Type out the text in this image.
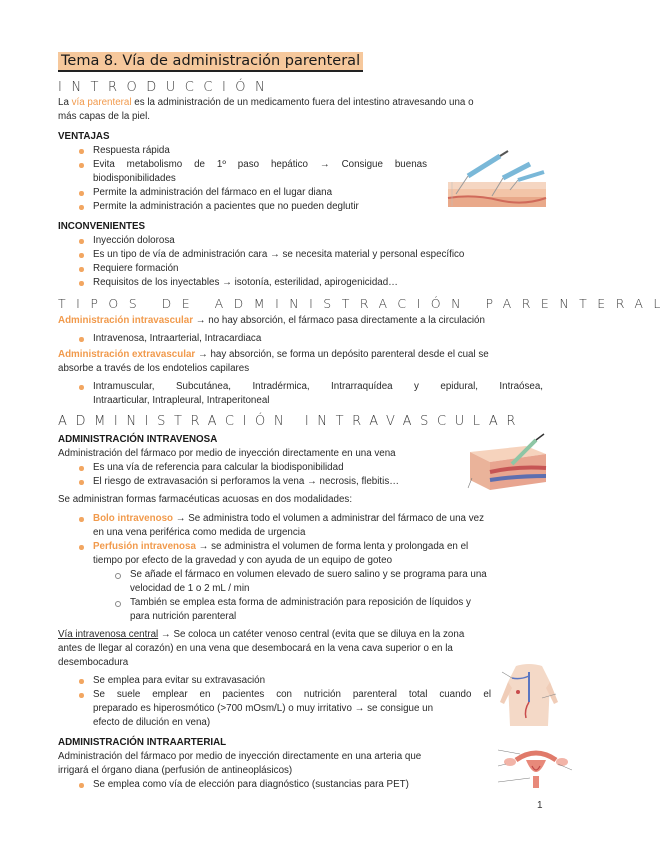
Tema 8. Vía de administración parenteral
INTRODUCCIÓN
La vía parenteral es la administración de un medicamento fuera del intestino atravesando una o
más capas de la piel.
VENTAJAS
Respuesta rápida
Evita metabolismo de 1º paso hepático → Consigue buenas
biodisponibilidades
Permite la administración del fármaco en el lugar diana
Permite la administración a pacientes que no pueden deglutir
INCONVENIENTES
Inyección dolorosa
Es un tipo de vía de administración cara → se necesita material y personal específico
Requiere formación
Requisitos de los inyectables → isotonía, esterilidad, apirogenicidad…
TIPOS DE ADMINISTRACIÓN PARENTERAL
Administración intravascular → no hay absorción, el fármaco pasa directamente a la circulación
Intravenosa, Intraarterial, Intracardiaca
Administración extravascular → hay absorción, se forma un depósito parenteral desde el cual se
absorbe a través de los endotelios capilares
Intramuscular, Subcutánea, Intradérmica, Intrarraquídea y epidural, Intraósea,
Intraarticular, Intrapleural, Intraperitoneal
ADMINISTRACIÓN INTRAVASCULAR
ADMINISTRACIÓN INTRAVENOSA
Administración del fármaco por medio de inyección directamente en una vena
Es una vía de referencia para calcular la biodisponibilidad
El riesgo de extravasación si perforamos la vena → necrosis, flebitis…
Se administran formas farmacéuticas acuosas en dos modalidades:
Bolo intravenoso → Se administra todo el volumen a administrar del fármaco de una vez
en una vena periférica como medida de urgencia
Perfusión intravenosa → se administra el volumen de forma lenta y prolongada en el
tiempo por efecto de la gravedad y con ayuda de un equipo de goteo
Se añade el fármaco en volumen elevado de suero salino y se programa para una
velocidad de 1 o 2 mL / min
También se emplea esta forma de administración para reposición de líquidos y
para nutrición parenteral
Vía intravenosa central → Se coloca un catéter venoso central (evita que se diluya en la zona
antes de llegar al corazón) en una vena que desembocará en la vena cava superior o en la
desembocadura
Se emplea para evitar su extravasación
Se suele emplear en pacientes con nutrición parenteral total cuando el
preparado es hiperosmótico (>700 mOsm/L) o muy irritativo → se consigue un
efecto de dilución en vena)
ADMINISTRACIÓN INTRAARTERIAL
Administración del fármaco por medio de inyección directamente en una arteria que
irrigará el órgano diana (perfusión de antineoplásicos)
Se emplea como vía de elección para diagnóstico (sustancias para PET)
1
